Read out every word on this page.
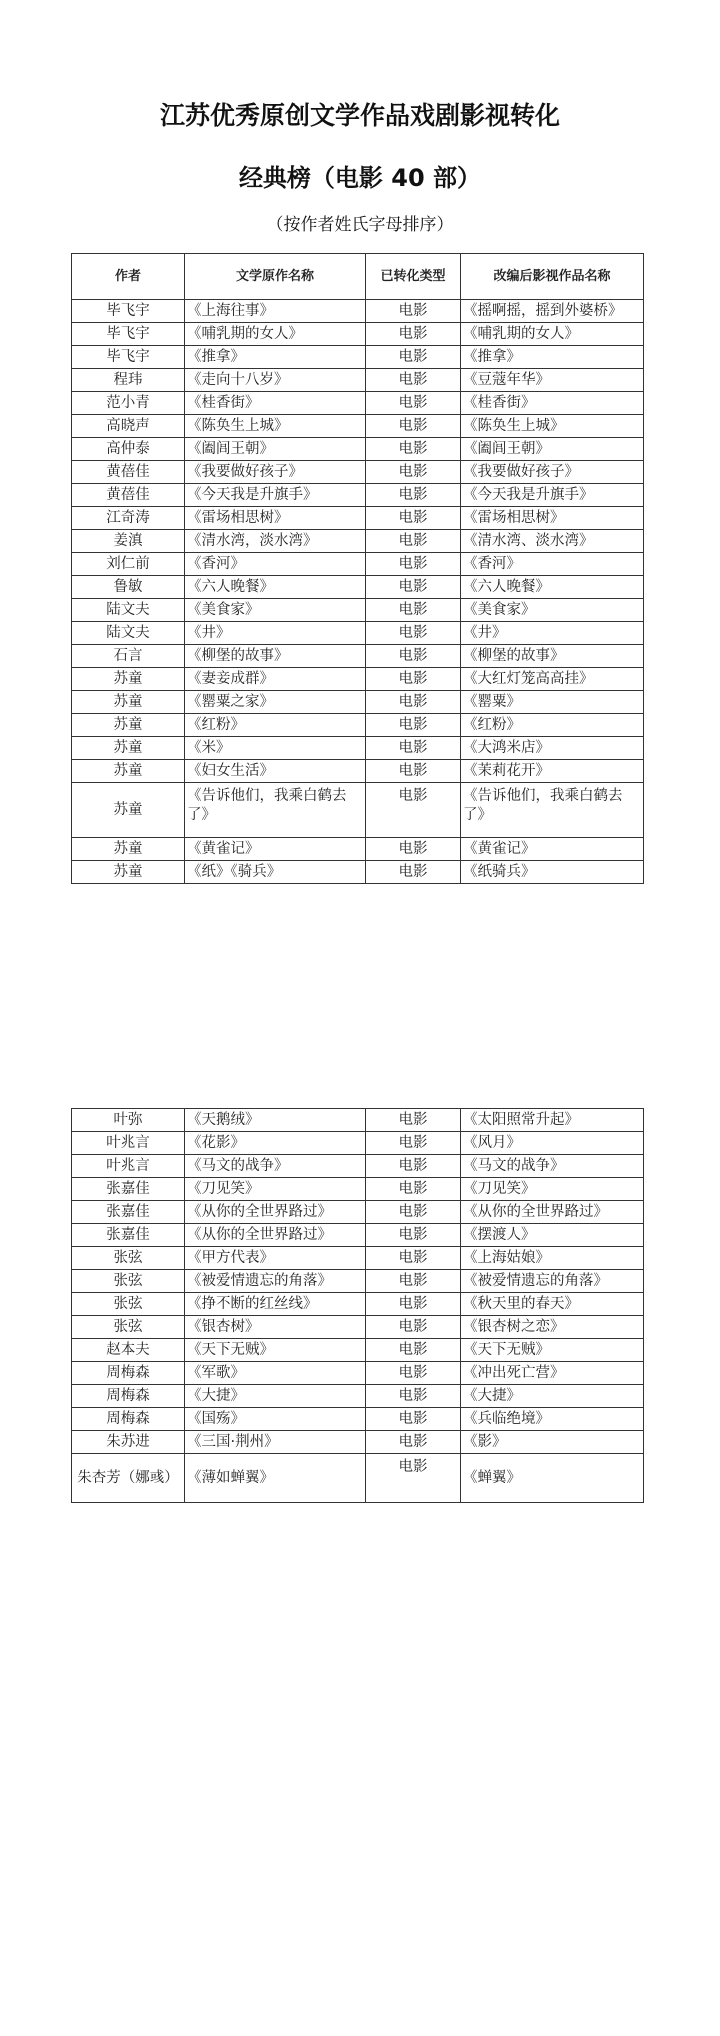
江苏优秀原创文学作品戏剧影视转化
经典榜（电影 40 部）
（按作者姓氏字母排序）
作者	文学原作名称	已转化类型	改编后影视作品名称
毕飞宇	《上海往事》	电影	《摇啊摇，摇到外婆桥》
毕飞宇	《哺乳期的女人》	电影	《哺乳期的女人》
毕飞宇	《推拿》	电影	《推拿》
程玮	《走向十八岁》	电影	《豆蔻年华》
范小青	《桂香街》	电影	《桂香街》
高晓声	《陈奂生上城》	电影	《陈奂生上城》
高仲泰	《阖闾王朝》	电影	《阖闾王朝》
黄蓓佳	《我要做好孩子》	电影	《我要做好孩子》
黄蓓佳	《今天我是升旗手》	电影	《今天我是升旗手》
江奇涛	《雷场相思树》	电影	《雷场相思树》
姜滇	《清水湾，淡水湾》	电影	《清水湾、淡水湾》
刘仁前	《香河》	电影	《香河》
鲁敏	《六人晚餐》	电影	《六人晚餐》
陆文夫	《美食家》	电影	《美食家》
陆文夫	《井》	电影	《井》
石言	《柳堡的故事》	电影	《柳堡的故事》
苏童	《妻妾成群》	电影	《大红灯笼高高挂》
苏童	《罂粟之家》	电影	《罂粟》
苏童	《红粉》	电影	《红粉》
苏童	《米》	电影	《大鸿米店》
苏童	《妇女生活》	电影	《茉莉花开》
苏童	《告诉他们，我乘白鹤去了》	电影	《告诉他们，我乘白鹤去了》
苏童	《黄雀记》	电影	《黄雀记》
苏童	《纸》《骑兵》	电影	《纸骑兵》
叶弥	《天鹅绒》	电影	《太阳照常升起》
叶兆言	《花影》	电影	《风月》
叶兆言	《马文的战争》	电影	《马文的战争》
张嘉佳	《刀见笑》	电影	《刀见笑》
张嘉佳	《从你的全世界路过》	电影	《从你的全世界路过》
张嘉佳	《从你的全世界路过》	电影	《摆渡人》
张弦	《甲方代表》	电影	《上海姑娘》
张弦	《被爱情遗忘的角落》	电影	《被爱情遗忘的角落》
张弦	《挣不断的红丝线》	电影	《秋天里的春天》
张弦	《银杏树》	电影	《银杏树之恋》
赵本夫	《天下无贼》	电影	《天下无贼》
周梅森	《军歌》	电影	《冲出死亡营》
周梅森	《大捷》	电影	《大捷》
周梅森	《国殇》	电影	《兵临绝境》
朱苏进	《三国·荆州》	电影	《影》
朱杏芳（娜彧）	《薄如蝉翼》	电影	《蝉翼》
